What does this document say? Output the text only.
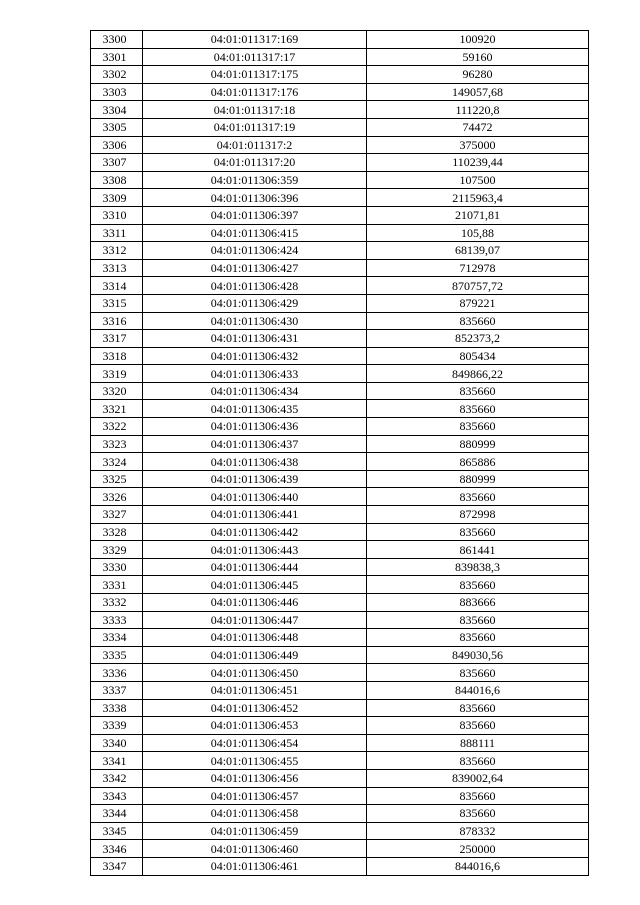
3300	04:01:011317:169	100920
3301	04:01:011317:17	59160
3302	04:01:011317:175	96280
3303	04:01:011317:176	149057,68
3304	04:01:011317:18	111220,8
3305	04:01:011317:19	74472
3306	04:01:011317:2	375000
3307	04:01:011317:20	110239,44
3308	04:01:011306:359	107500
3309	04:01:011306:396	2115963,4
3310	04:01:011306:397	21071,81
3311	04:01:011306:415	105,88
3312	04:01:011306:424	68139,07
3313	04:01:011306:427	712978
3314	04:01:011306:428	870757,72
3315	04:01:011306:429	879221
3316	04:01:011306:430	835660
3317	04:01:011306:431	852373,2
3318	04:01:011306:432	805434
3319	04:01:011306:433	849866,22
3320	04:01:011306:434	835660
3321	04:01:011306:435	835660
3322	04:01:011306:436	835660
3323	04:01:011306:437	880999
3324	04:01:011306:438	865886
3325	04:01:011306:439	880999
3326	04:01:011306:440	835660
3327	04:01:011306:441	872998
3328	04:01:011306:442	835660
3329	04:01:011306:443	861441
3330	04:01:011306:444	839838,3
3331	04:01:011306:445	835660
3332	04:01:011306:446	883666
3333	04:01:011306:447	835660
3334	04:01:011306:448	835660
3335	04:01:011306:449	849030,56
3336	04:01:011306:450	835660
3337	04:01:011306:451	844016,6
3338	04:01:011306:452	835660
3339	04:01:011306:453	835660
3340	04:01:011306:454	888111
3341	04:01:011306:455	835660
3342	04:01:011306:456	839002,64
3343	04:01:011306:457	835660
3344	04:01:011306:458	835660
3345	04:01:011306:459	878332
3346	04:01:011306:460	250000
3347	04:01:011306:461	844016,6
